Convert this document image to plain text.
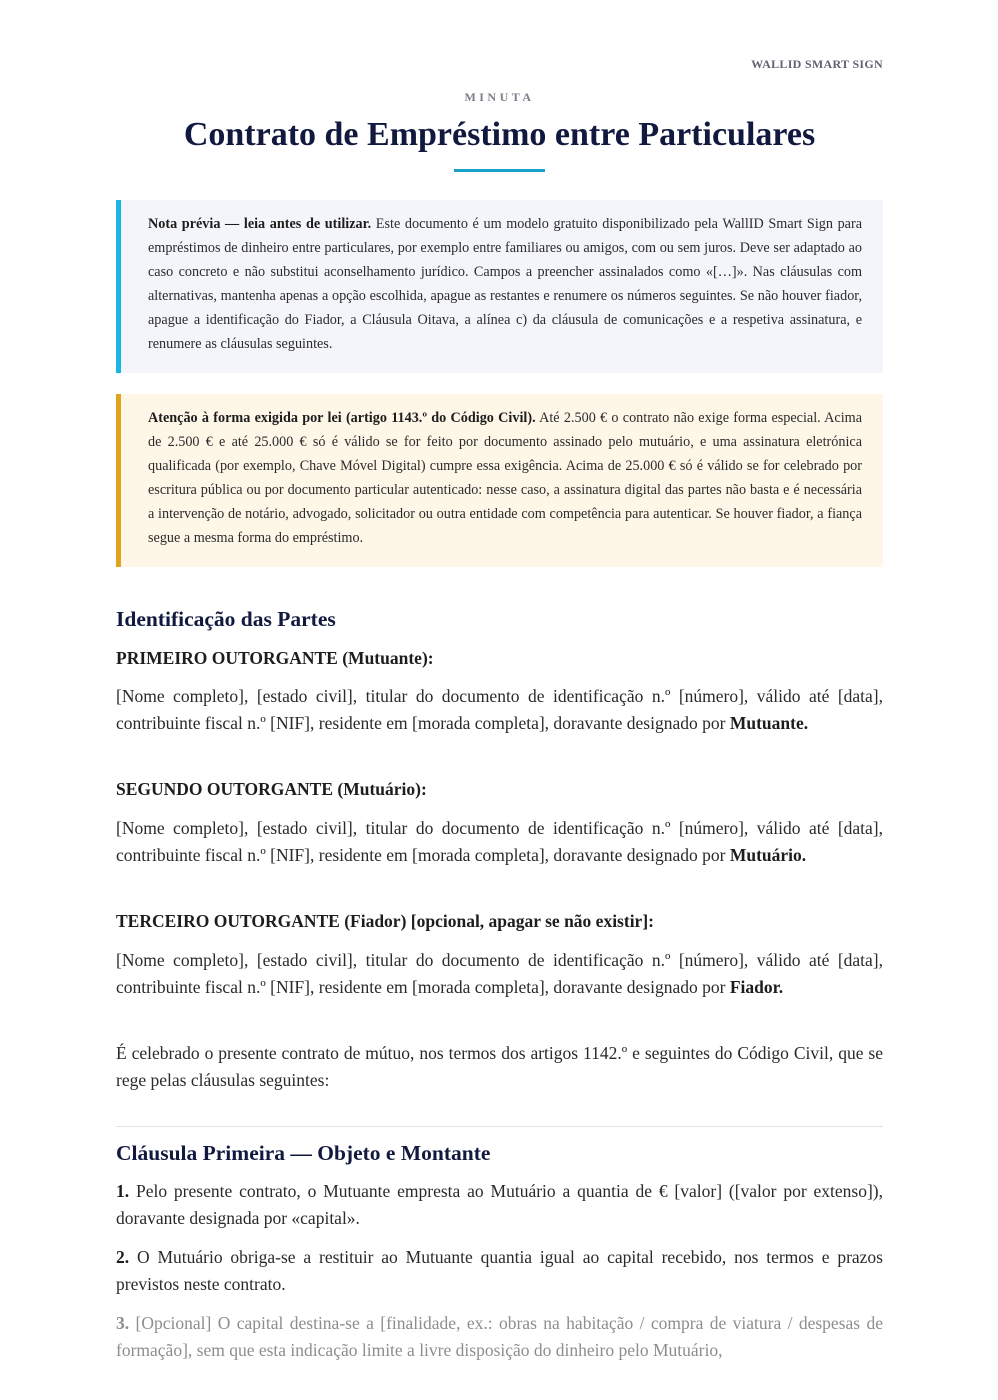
WALLID SMART SIGN
MINUTA
Contrato de Empréstimo entre Particulares
Nota prévia — leia antes de utilizar. Este documento é um modelo gratuito disponibilizado pela WallID Smart Sign para empréstimos de dinheiro entre particulares, por exemplo entre familiares ou amigos, com ou sem juros. Deve ser adaptado ao caso concreto e não substitui aconselhamento jurídico. Campos a preencher assinalados como «[…]». Nas cláusulas com alternativas, mantenha apenas a opção escolhida, apague as restantes e renumere os números seguintes. Se não houver fiador, apague a identificação do Fiador, a Cláusula Oitava, a alínea c) da cláusula de comunicações e a respetiva assinatura, e renumere as cláusulas seguintes.
Atenção à forma exigida por lei (artigo 1143.º do Código Civil). Até 2.500 € o contrato não exige forma especial. Acima de 2.500 € e até 25.000 € só é válido se for feito por documento assinado pelo mutuário, e uma assinatura eletrónica qualificada (por exemplo, Chave Móvel Digital) cumpre essa exigência. Acima de 25.000 € só é válido se for celebrado por escritura pública ou por documento particular autenticado: nesse caso, a assinatura digital das partes não basta e é necessária a intervenção de notário, advogado, solicitador ou outra entidade com competência para autenticar. Se houver fiador, a fiança segue a mesma forma do empréstimo.
Identificação das Partes
PRIMEIRO OUTORGANTE (Mutuante):

[Nome completo], [estado civil], titular do documento de identificação n.º [número], válido até [data], contribuinte fiscal n.º [NIF], residente em [morada completa], doravante designado por Mutuante.

SEGUNDO OUTORGANTE (Mutuário):

[Nome completo], [estado civil], titular do documento de identificação n.º [número], válido até [data], contribuinte fiscal n.º [NIF], residente em [morada completa], doravante designado por Mutuário.

TERCEIRO OUTORGANTE (Fiador) [opcional, apagar se não existir]:

[Nome completo], [estado civil], titular do documento de identificação n.º [número], válido até [data], contribuinte fiscal n.º [NIF], residente em [morada completa], doravante designado por Fiador.

É celebrado o presente contrato de mútuo, nos termos dos artigos 1142.º e seguintes do Código Civil, que se rege pelas cláusulas seguintes:

Cláusula Primeira — Objeto e Montante

1. Pelo presente contrato, o Mutuante empresta ao Mutuário a quantia de € [valor] ([valor por extenso]), doravante designada por «capital».

2. O Mutuário obriga-se a restituir ao Mutuante quantia igual ao capital recebido, nos termos e prazos previstos neste contrato.

3. [Opcional] O capital destina-se a [finalidade, ex.: obras na habitação / compra de viatura / despesas de formação], sem que esta indicação limite a livre disposição do dinheiro pelo Mutuário,
